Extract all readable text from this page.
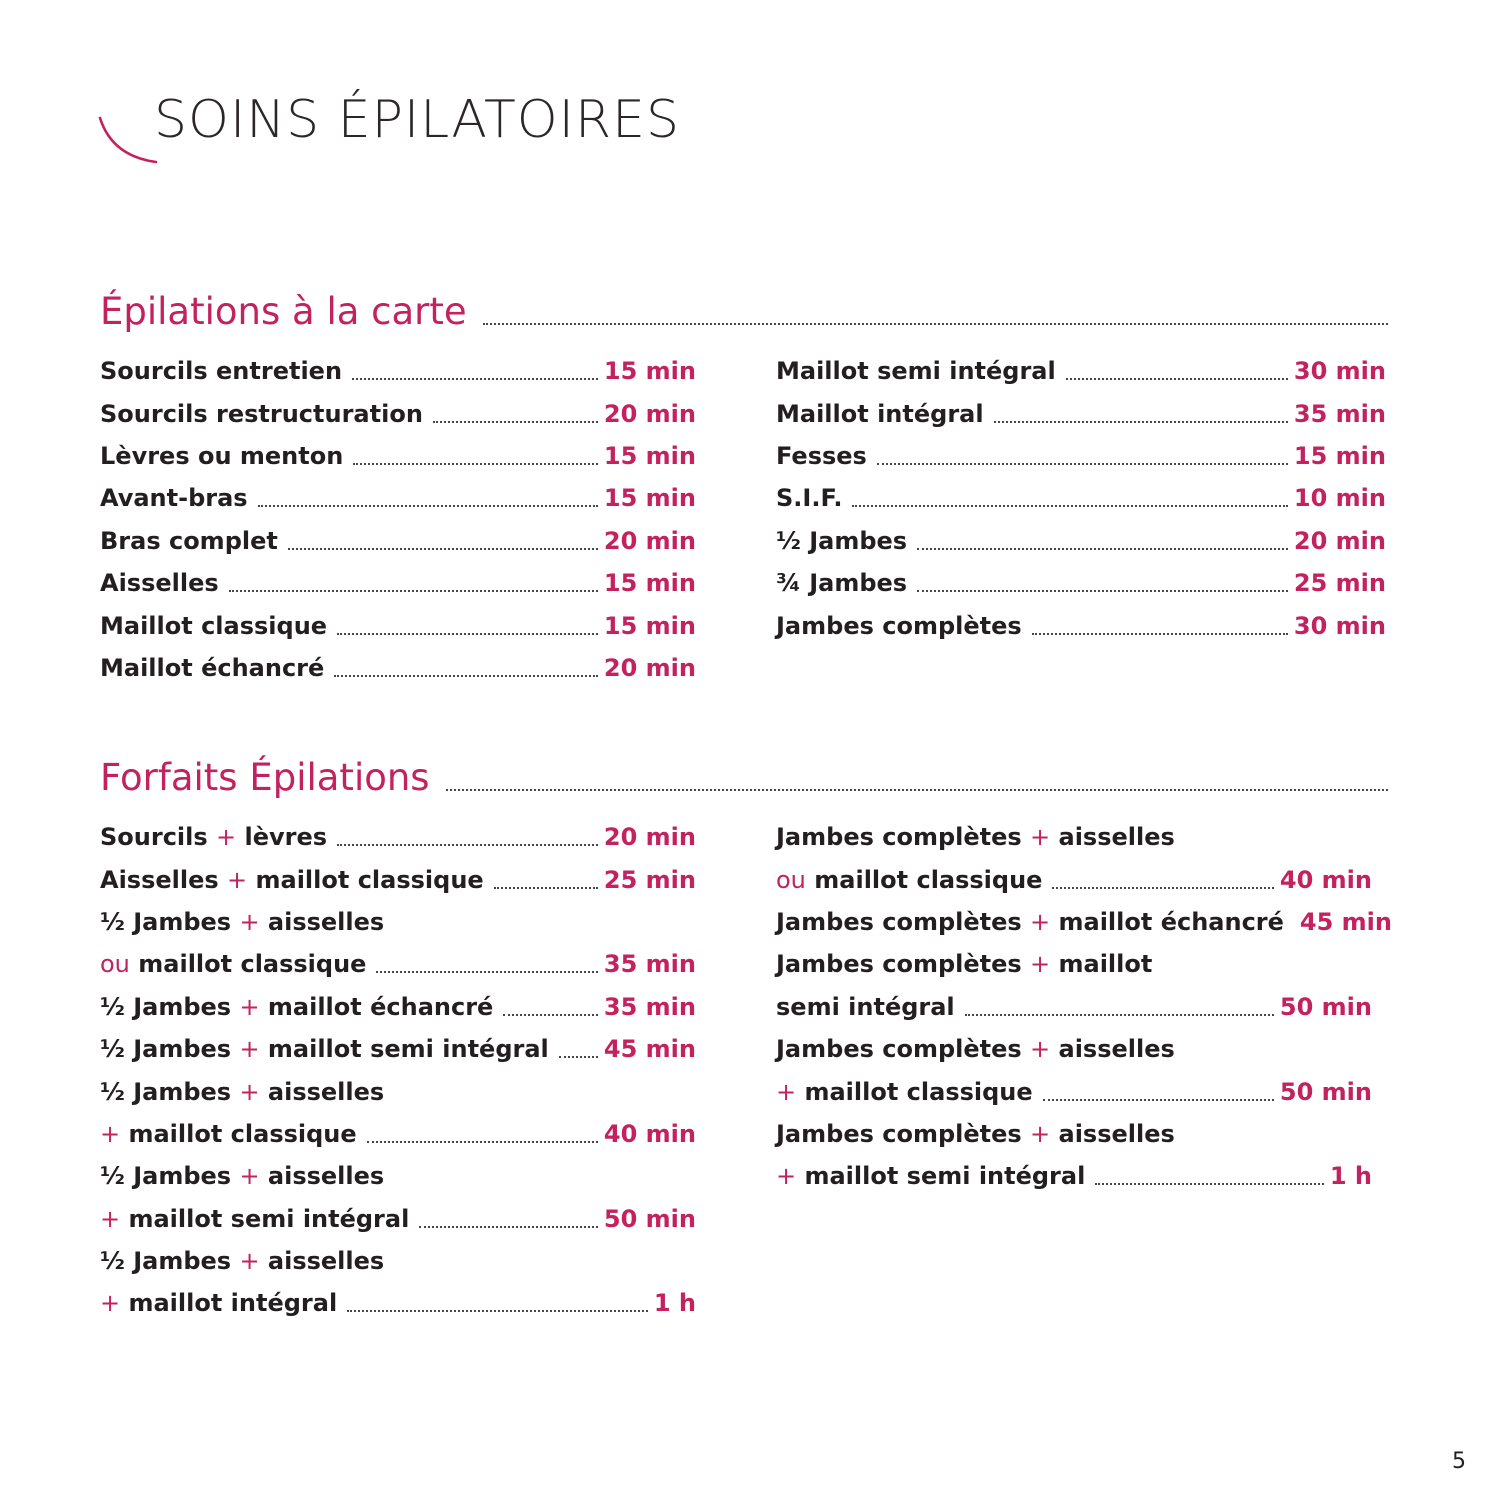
SOINS ÉPILATOIRES
Épilations à la carte
Sourcils entretien	15 min
Sourcils restructuration	20 min
Lèvres ou menton	15 min
Avant-bras	15 min
Bras complet	20 min
Aisselles	15 min
Maillot classique	15 min
Maillot échancré	20 min
Maillot semi intégral	30 min
Maillot intégral	35 min
Fesses	15 min
S.I.F.	10 min
½ Jambes	20 min
¾ Jambes	25 min
Jambes complètes	30 min
Forfaits Épilations
Sourcils + lèvres	20 min
Aisselles + maillot classique	25 min
½ Jambes + aisselles
ou maillot classique	35 min
½ Jambes + maillot échancré	35 min
½ Jambes + maillot semi intégral 45 min
½ Jambes + aisselles
+ maillot classique	40 min
½ Jambes + aisselles
+ maillot semi intégral	50 min
½ Jambes + aisselles
+ maillot intégral	1 h
Jambes complètes + aisselles
ou maillot classique	40 min
Jambes complètes + maillot échancré 45 min
Jambes complètes + maillot
semi intégral	50 min
Jambes complètes + aisselles
+ maillot classique	50 min
Jambes complètes + aisselles
+ maillot semi intégral	1 h
5
